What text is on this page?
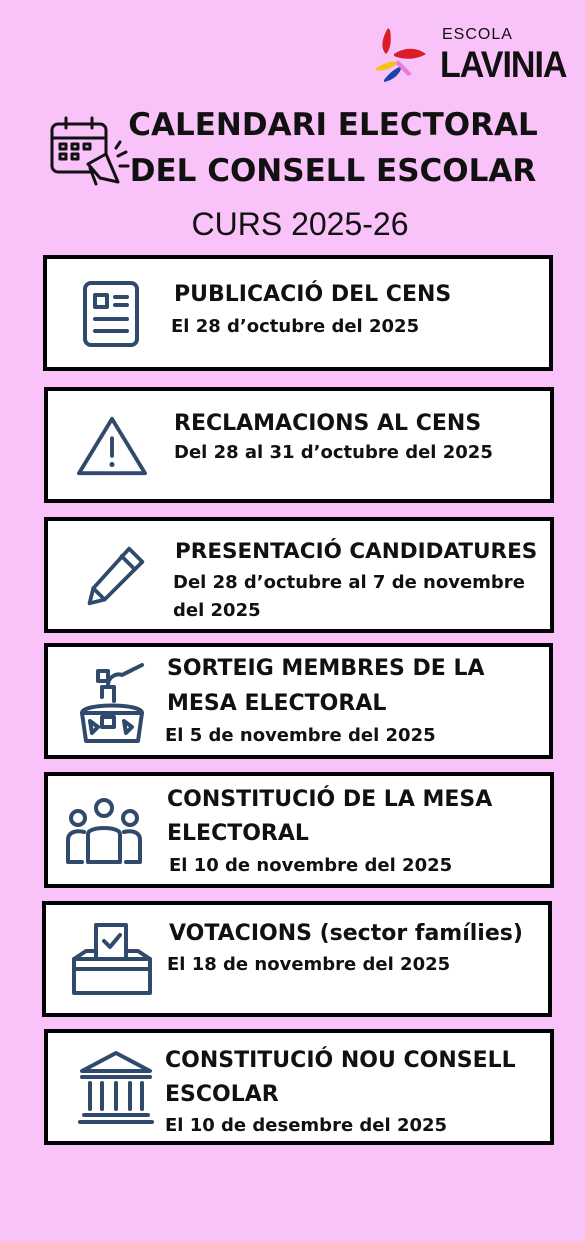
ESCOLA
LAVINIA
CALENDARI ELECTORAL
DEL CONSELL ESCOLAR
CURS 2025-26
PUBLICACIÓ DEL CENS
El 28 d’octubre del 2025
RECLAMACIONS AL CENS
Del 28 al 31 d’octubre del 2025
PRESENTACIÓ CANDIDATURES
Del 28 d’octubre al 7 de novembre
del 2025
SORTEIG MEMBRES DE LA
MESA ELECTORAL
El 5 de novembre del 2025
CONSTITUCIÓ DE LA MESA
ELECTORAL
El 10 de novembre del 2025
VOTACIONS (sector famílies)
El 18 de novembre del 2025
CONSTITUCIÓ NOU CONSELL
ESCOLAR
El 10 de desembre del 2025
